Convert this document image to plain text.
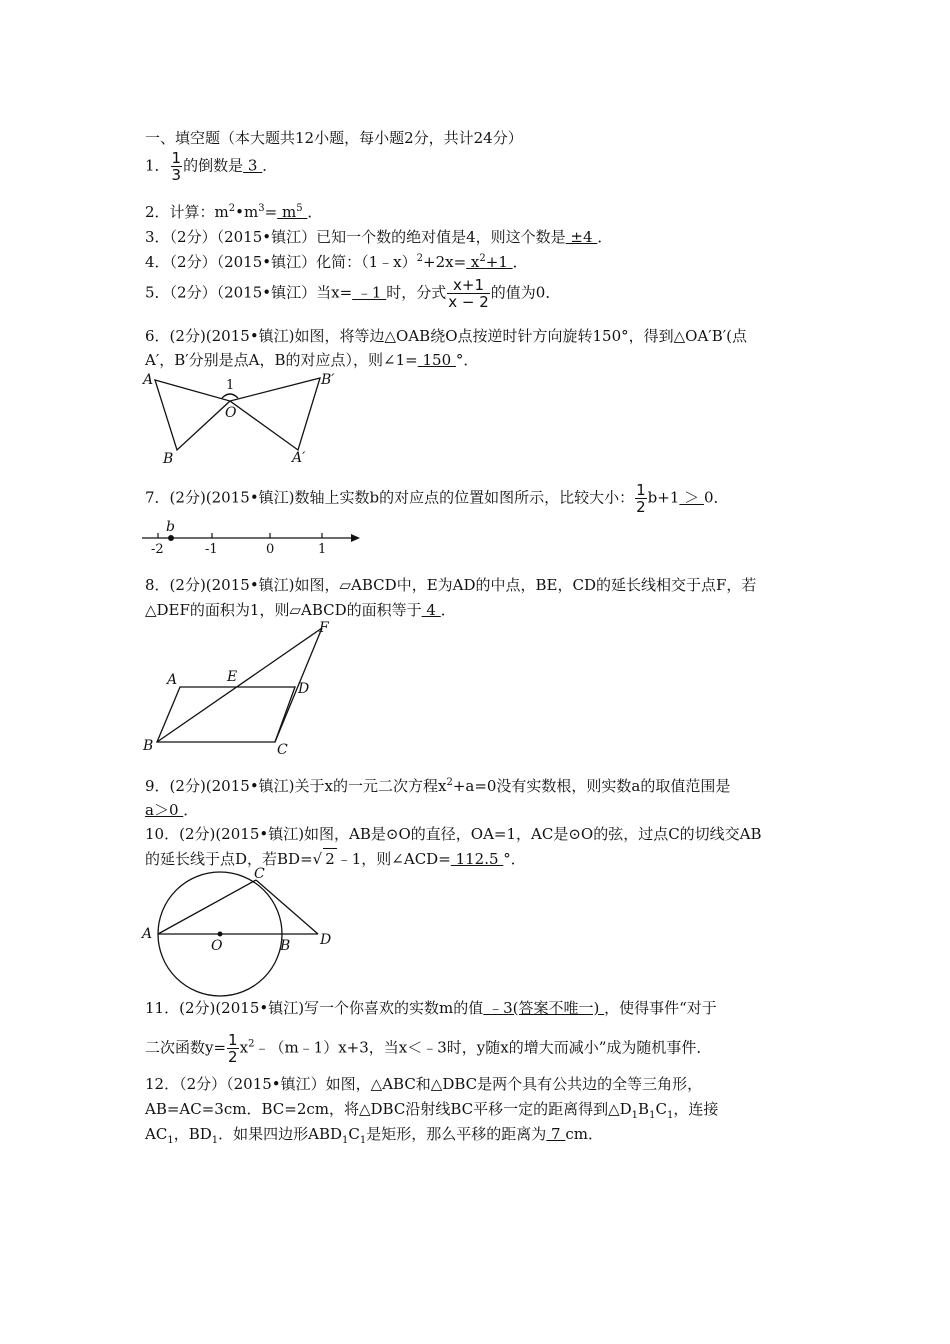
一、填空题（本大题共12小题，每小题2分，共计24分）
1． $\frac{1}{3}$ 的倒数是 3 ．
2．计算：$m^2•m^3= m^5$ ．
3．（2分）（2015•镇江）已知一个数的绝对值是4，则这个数是 ±4 ．
4．（2分）（2015•镇江）化简：（1﹣x）$^2$+2x= $x^2+1$ ．
5．（2分）（2015•镇江）当x= ﹣1 时，分式 $\frac{x+1}{x - 2}$ 的值为0．
6．(2分)(2015•镇江)如图，将等边△OAB绕O点按逆时针方向旋转150°，得到△OA′B′(点
A′，B′分别是点A，B的对应点），则∠1= 150 °．
A
B
O
B′
A′
1
7．(2分)(2015•镇江)数轴上实数b的对应点的位置如图所示，比较大小： $\frac{1}{2} b+1 > 0$．
b
-2	-1	0	1
8．(2分)(2015•镇江)如图，▱ABCD中，E为AD的中点，BE，CD的延长线相交于点F，若
△DEF的面积为1，则▱ABCD的面积等于 4 ．
A	E
D
F
B	C
9．(2分)(2015•镇江)关于x的一元二次方程$x^2+a=0$没有实数根，则实数a的取值范围是
a＞0 ．
10．(2分)(2015•镇江)如图，AB是⊙O的直径，OA=1，AC是⊙O的弦，过点C的切线交AB
的延长线于点D，若BD=√ 2 ﹣1，则∠ACD= 112.5 °．
A
O	B D
C
11．(2分)(2015•镇江)写一个你喜欢的实数m的值 ﹣3(答案不唯一) ，使得事件“对于
二次函数$y= \frac{1}{2}$ $x^2﹣(m﹣1)x+3$，当x＜﹣3时，y随x的增大而减小”成为随机事件．
12．（2分）（2015•镇江）如图，△ABC和△DBC是两个具有公共边的全等三角形，
AB=AC=3cm．BC=2cm，将△DBC沿射线BC平移一定的距离得到$\triangle D_1B_1C_1$，连接
$AC_1$，$BD_1$．如果四边形$ABD_1C_1$是矩形，那么平移的距离为 7 cm．
